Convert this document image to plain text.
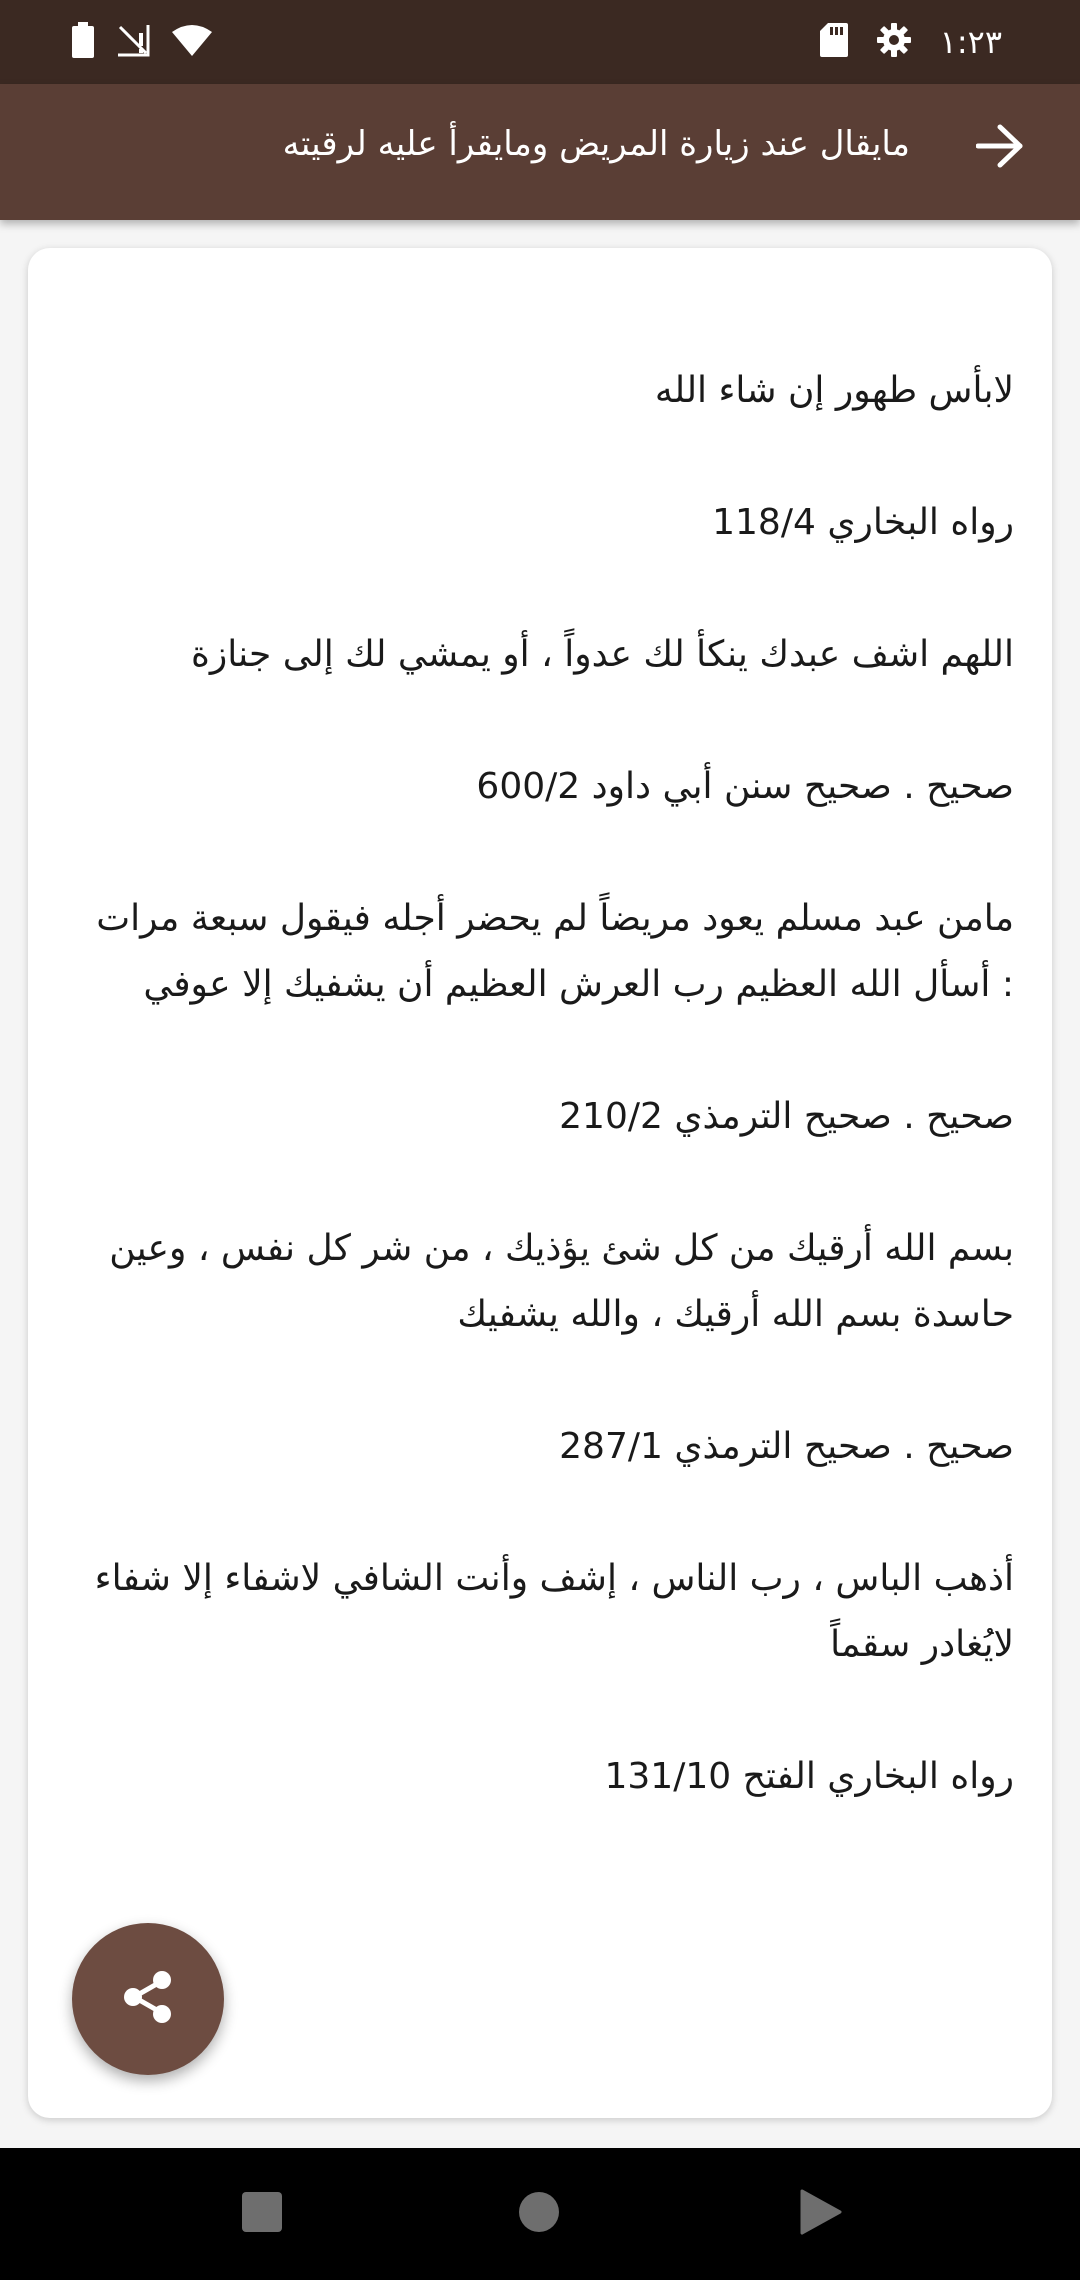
١:٢٣
مايقال عند زيارة المريض ومايقرأ عليه لرقيته

لابأس طهور إن شاء الله

رواه البخاري 118/4

اللهم اشف عبدك ينكأ لك عدواً ، أو يمشي لك إلى جنازة

صحيح . صحيح سنن أبي داود 600/2

مامن عبد مسلم يعود مريضاً لم يحضر أجله فيقول سبعة مرات : أسأل الله العظيم رب العرش العظيم أن يشفيك إلا عوفي

صحيح . صحيح الترمذي 210/2

بسم الله أرقيك من كل شئ يؤذيك ، من شر كل نفس ، وعين حاسدة بسم الله أرقيك ، والله يشفيك

صحيح . صحيح الترمذي 287/1

أذهب الباس ، رب الناس ، إشف وأنت الشافي لاشفاء إلا شفاء لايُغادر سقماً

رواه البخاري الفتح 131/10
